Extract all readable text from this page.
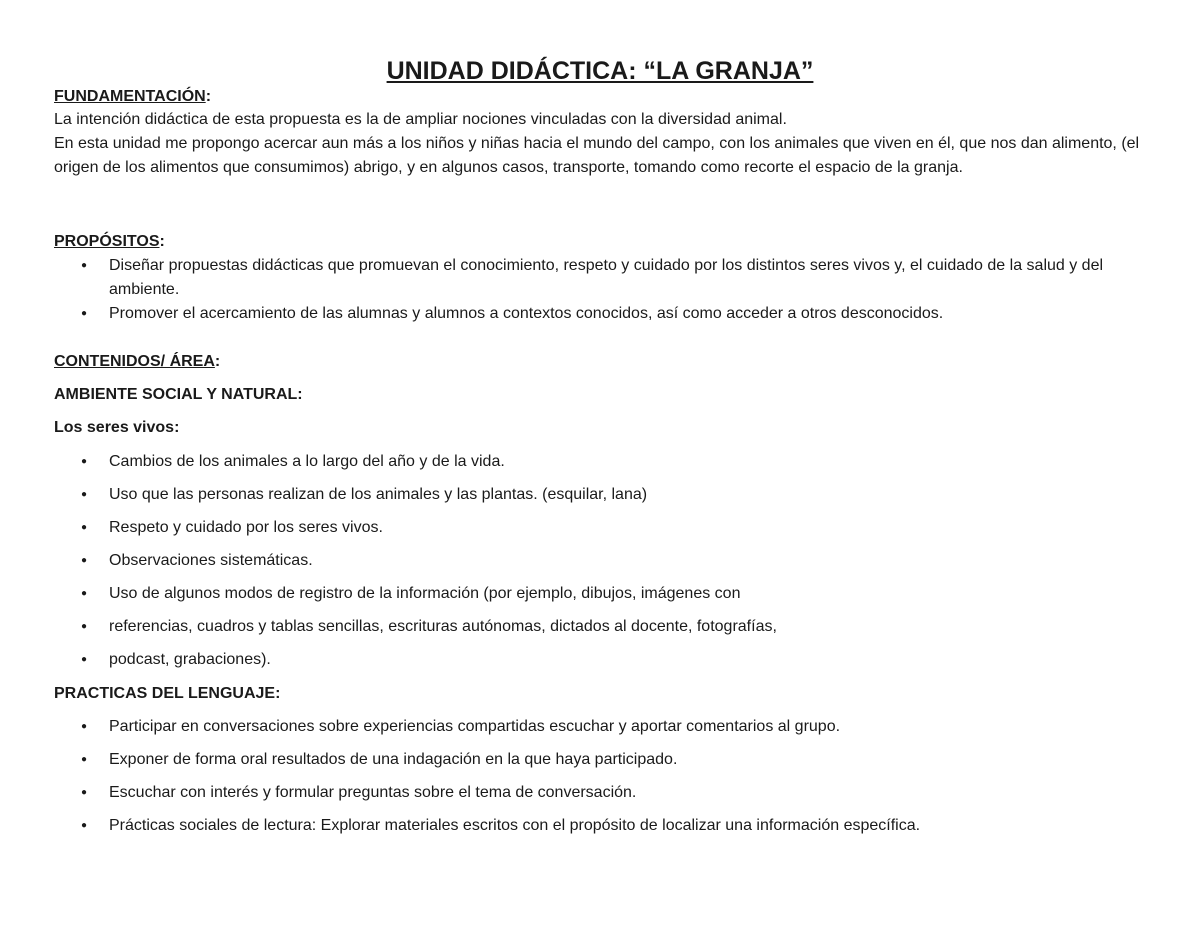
UNIDAD DIDÁCTICA: “LA GRANJA”
FUNDAMENTACIÓN:
La intención didáctica de esta propuesta es la de ampliar nociones vinculadas con la diversidad animal.
En esta unidad me propongo acercar aun más a los niños y niñas hacia el mundo del campo, con los animales que viven en él, que nos dan alimento, (el origen de los alimentos que consumimos) abrigo, y en algunos casos, transporte, tomando como recorte el espacio de la granja.
PROPÓSITOS:
● Diseñar propuestas didácticas que promuevan el conocimiento, respeto y cuidado por los distintos seres vivos y, el cuidado de la salud y del ambiente.
● Promover el acercamiento de las alumnas y alumnos a contextos conocidos, así como acceder a otros desconocidos.
CONTENIDOS/ ÁREA:
AMBIENTE SOCIAL Y NATURAL:
Los seres vivos:
● Cambios de los animales a lo largo del año y de la vida.
● Uso que las personas realizan de los animales y las plantas. (esquilar, lana)
● Respeto y cuidado por los seres vivos.
● Observaciones sistemáticas.
● Uso de algunos modos de registro de la información (por ejemplo, dibujos, imágenes con
● referencias, cuadros y tablas sencillas, escrituras autónomas, dictados al docente, fotografías,
● podcast, grabaciones).
PRACTICAS DEL LENGUAJE:
● Participar en conversaciones sobre experiencias compartidas escuchar y aportar comentarios al grupo.
● Exponer de forma oral resultados de una indagación en la que haya participado.
● Escuchar con interés y formular preguntas sobre el tema de conversación.
● Prácticas sociales de lectura: Explorar materiales escritos con el propósito de localizar una información específica.
